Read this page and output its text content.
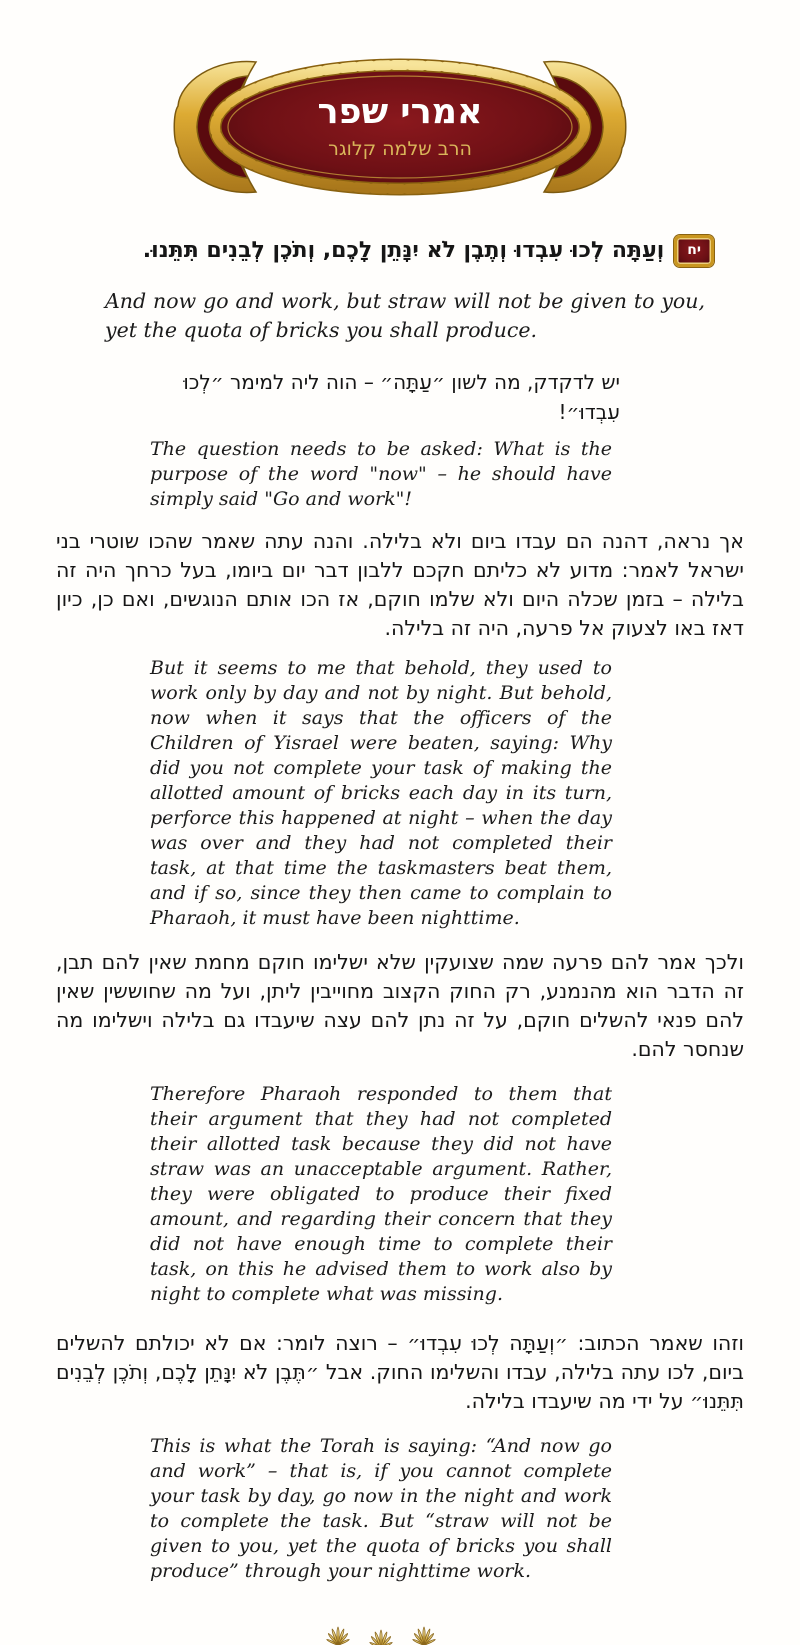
אמרי שפר
הרב שלמה קלוגר

יחוְעַתָּה לְכוּ עִבְדוּ וְתֶבֶן לֹא יִנָּתֵן לָכֶם, וְתֹכֶן לְבֵנִים תִּתֵּנוּ.

And now go and work, but straw will not be given to you, yet the quota of bricks you shall produce.

יש לדקדק, מה לשון ״עַתָּה״ – הוה ליה למימר ״לְכוּ עִבְדוּ״!

The question needs to be asked: What is the purpose of the word "now" – he should have simply said "Go and work"!

אך נראה, דהנה הם עבדו ביום ולא בלילה. והנה עתה שאמר שהכו שוטרי בני ישראל לאמר: מדוע לא כליתם חקכם ללבון דבר יום ביומו, בעל כרחך היה זה בלילה – בזמן שכלה היום ולא שלמו חוקם, אז הכו אותם הנוגשים, ואם כן, כיון דאז באו לצעוק אל פרעה, היה זה בלילה.

But it seems to me that behold, they used to work only by day and not by night. But behold, now when it says that the officers of the Children of Yisrael were beaten, saying: Why did you not complete your task of making the allotted amount of bricks each day in its turn, perforce this happened at night – when the day was over and they had not completed their task, at that time the taskmasters beat them, and if so, since they then came to complain to Pharaoh, it must have been nighttime.

ולכך אמר להם פרעה שמה שצועקין שלא ישלימו חוקם מחמת שאין להם תבן, זה הדבר הוא מהנמנע, רק החוק הקצוב מחוייבין ליתן, ועל מה שחוששין שאין להם פנאי להשלים חוקם, על זה נתן להם עצה שיעבדו גם בלילה וישלימו מה שנחסר להם.

Therefore Pharaoh responded to them that their argument that they had not completed their allotted task because they did not have straw was an unacceptable argument. Rather, they were obligated to produce their fixed amount, and regarding their concern that they did not have enough time to complete their task, on this he advised them to work also by night to complete what was missing.

וזהו שאמר הכתוב: ״וְעַתָּה לְכוּ עִבְדוּ״ – רוצה לומר: אם לא יכולתם להשלים ביום, לכו עתה בלילה, עבדו והשלימו החוק. אבל ״תֶּבֶן לֹא יִנָּתֵן לָכֶם, וְתֹכֶן לְבֵנִים תִּתֵּנוּ״ על ידי מה שיעבדו בלילה.

This is what the Torah is saying: “And now go and work” – that is, if you cannot complete your task by day, go now in the night and work to complete the task. But “straw will not be given to you, yet the quota of bricks you shall produce” through your nighttime work.
